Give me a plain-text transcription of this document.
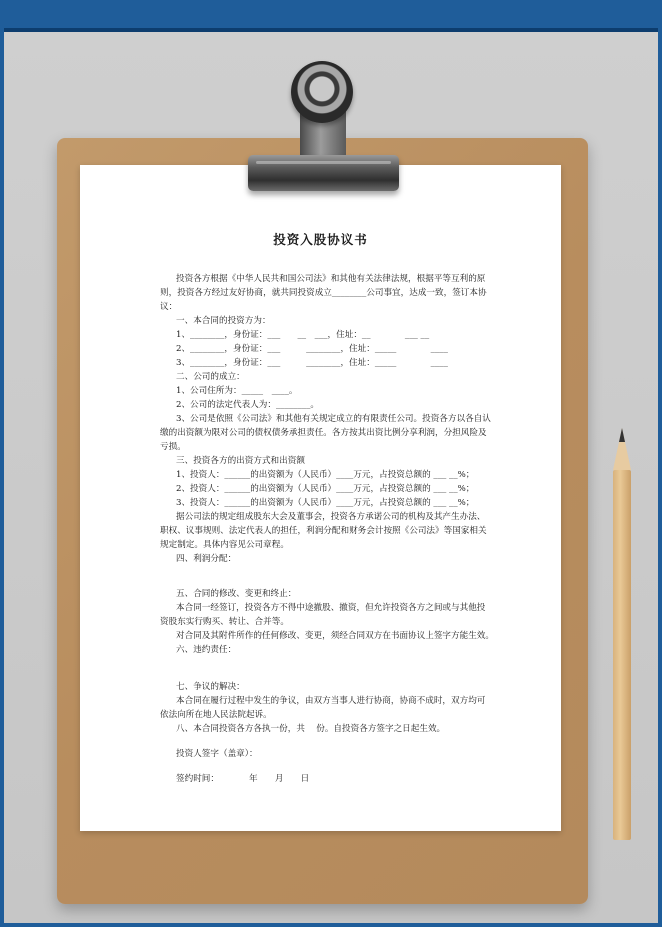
投资入股协议书
投资各方根据《中华人民共和国公司法》和其他有关法律法规，根据平等互利的原
则，投资各方经过友好协商，就共同投资成立________公司事宜，达成一致，签订本协
议：
一、本合同的投资方为：
1、________，身份证：___　　__　___，住址：__　　　　___ __
2、________，身份证：___　　　________，住址：_____　　　　____
3、________，身份证：___　　　________，住址：_____　　　　____
二、公司的成立：
1、公司住所为：_____　____。
2、公司的法定代表人为：________。
3、公司是依照《公司法》和其他有关规定成立的有限责任公司。投资各方以各自认
缴的出资额为限对公司的债权债务承担责任。各方按其出资比例分享利润，分担风险及
亏损。
三、投资各方的出资方式和出资额
1、投资人：______的出资额为（人民币）____万元，占投资总额的 ___ __%；
2、投资人：______的出资额为（人民币）____万元，占投资总额的 ___ __%；
3、投资人：______的出资额为（人民币）____万元，占投资总额的 ___ __%；
据公司法的规定组成股东大会及董事会，投资各方承诺公司的机构及其产生办法、
职权、议事规则、法定代表人的担任，利润分配和财务会计按照《公司法》等国家相关
规定制定。具体内容见公司章程。
四、利润分配：
五、合同的修改、变更和终止：
本合同一经签订，投资各方不得中途撤股、撤资，但允许投资各方之间或与其他投
资股东实行购买、转让、合并等。
对合同及其附件所作的任何修改、变更，须经合同双方在书面协议上签字方能生效。
六、违约责任：
七、争议的解决：
本合同在履行过程中发生的争议，由双方当事人进行协商，协商不成时，双方均可
依法向所在地人民法院起诉。
八、本合同投资各方各执一份，共　 份。自投资各方签字之日起生效。
投资人签字（盖章）：
签约时间：　　　　年　　月　　日
